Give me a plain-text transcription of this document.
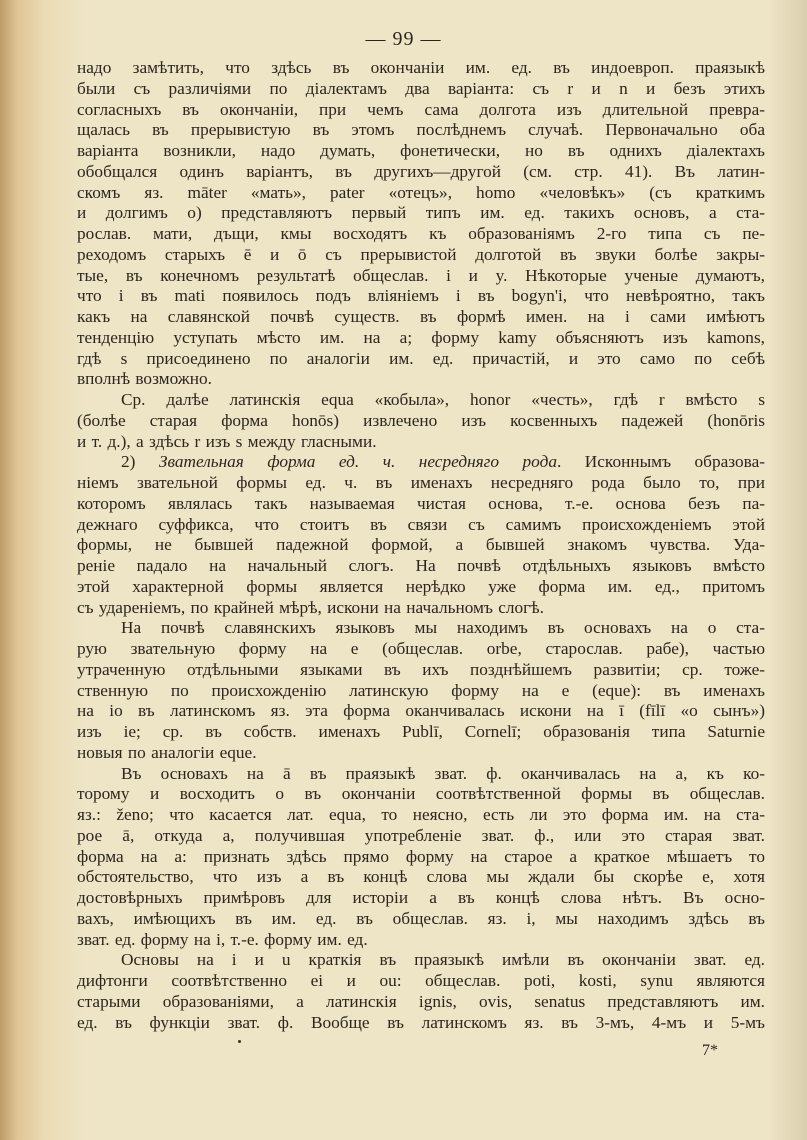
— 99 —
надо замѣтить, что здѣсь въ окончаніи им. ед. въ индоевроп. праязыкѣ
были съ различіями по діалектамъ два варіанта: съ r и n и безъ этихъ
согласныхъ въ окончаніи, при чемъ сама долгота изъ длительной превра-
щалась въ прерывистую въ этомъ послѣднемъ случаѣ. Первоначально оба
варіанта возникли, надо думать, фонетически, но въ однихъ діалектахъ
обобщался одинъ варіантъ, въ другихъ—другой (см. стр. 41). Въ латин-
скомъ яз. māter «мать», pater «отецъ», homo «человѣкъ» (съ краткимъ
и долгимъ o) представляютъ первый типъ им. ед. такихъ основъ, а ста-
рослав. мати, дъщи, кмы восходятъ къ образованіямъ 2-го типа съ пе-
реходомъ старыхъ ē и ō съ прерывистой долготой въ звуки болѣе закры-
тые, въ конечномъ результатѣ общеслав. i и y. Нѣкоторые ученые думаютъ,
что i въ mati появилось подъ вліяніемъ i въ bogyn'i, что невѣроятно, такъ
какъ на славянской почвѣ существ. въ формѣ имен. на i сами имѣютъ
тенденцію уступать мѣсто им. на a; форму kamy объясняютъ изъ kamons,
гдѣ s присоединено по аналогіи им. ед. причастій, и это само по себѣ
вполнѣ возможно.
Ср. далѣе латинскія equa «кобыла», honor «честь», гдѣ r вмѣсто s
(болѣе старая форма honōs) извлечено изъ косвенныхъ падежей (honōris
и т. д.), а здѣсь r изъ s между гласными.
2) Звательная форма ед. ч. несредняго рода. Исконнымъ образова-
ніемъ звательной формы ед. ч. въ именахъ несредняго рода было то, при
которомъ являлась такъ называемая чистая основа, т.-е. основа безъ па-
дежнаго суффикса, что стоитъ въ связи съ самимъ происхожденіемъ этой
формы, не бывшей падежной формой, а бывшей знакомъ чувства. Уда-
реніе падало на начальный слогъ. На почвѣ отдѣльныхъ языковъ вмѣсто
этой характерной формы является нерѣдко уже форма им. ед., притомъ
съ удареніемъ, по крайней мѣрѣ, искони на начальномъ слогѣ.
На почвѣ славянскихъ языковъ мы находимъ въ основахъ на o ста-
рую звательную форму на e (общеслав. orbe, старослав. рабе), частью
утраченную отдѣльными языками въ ихъ позднѣйшемъ развитіи; ср. тоже-
ственную по происхожденію латинскую форму на e (eque): въ именахъ
на io въ латинскомъ яз. эта форма оканчивалась искони на ī (fīlī «о сынъ»)
изъ ie; ср. въ собств. именахъ Publī, Cornelī; образованія типа Saturnie
новыя по аналогіи eque.
Въ основахъ на ā въ праязыкѣ зват. ф. оканчивалась на a, къ ко-
торому и восходитъ o въ окончаніи соотвѣтственной формы въ общеслав.
яз.: ženo; что касается лат. equa, то неясно, есть ли это форма им. на ста-
рое ā, откуда a, получившая употребленіе зват. ф., или это старая зват.
форма на a: признать здѣсь прямо форму на старое a краткое мѣшаетъ то
обстоятельство, что изъ a въ концѣ слова мы ждали бы скорѣе e, хотя
достовѣрныхъ примѣровъ для исторіи a въ концѣ слова нѣтъ. Въ осно-
вахъ, имѣющихъ въ им. ед. въ общеслав. яз. i, мы находимъ здѣсь въ
зват. ед. форму на i, т.-е. форму им. ед.
Основы на i и u краткія въ праязыкѣ имѣли въ окончаніи зват. ед.
дифтонги соотвѣтственно ei и ou: общеслав. poti, kosti, synu являются
старыми образованіями, а латинскія ignis, ovis, senatus представляютъ им.
ед. въ функціи зват. ф. Вообще въ латинскомъ яз. въ 3-мъ, 4-мъ и 5-мъ
7*
